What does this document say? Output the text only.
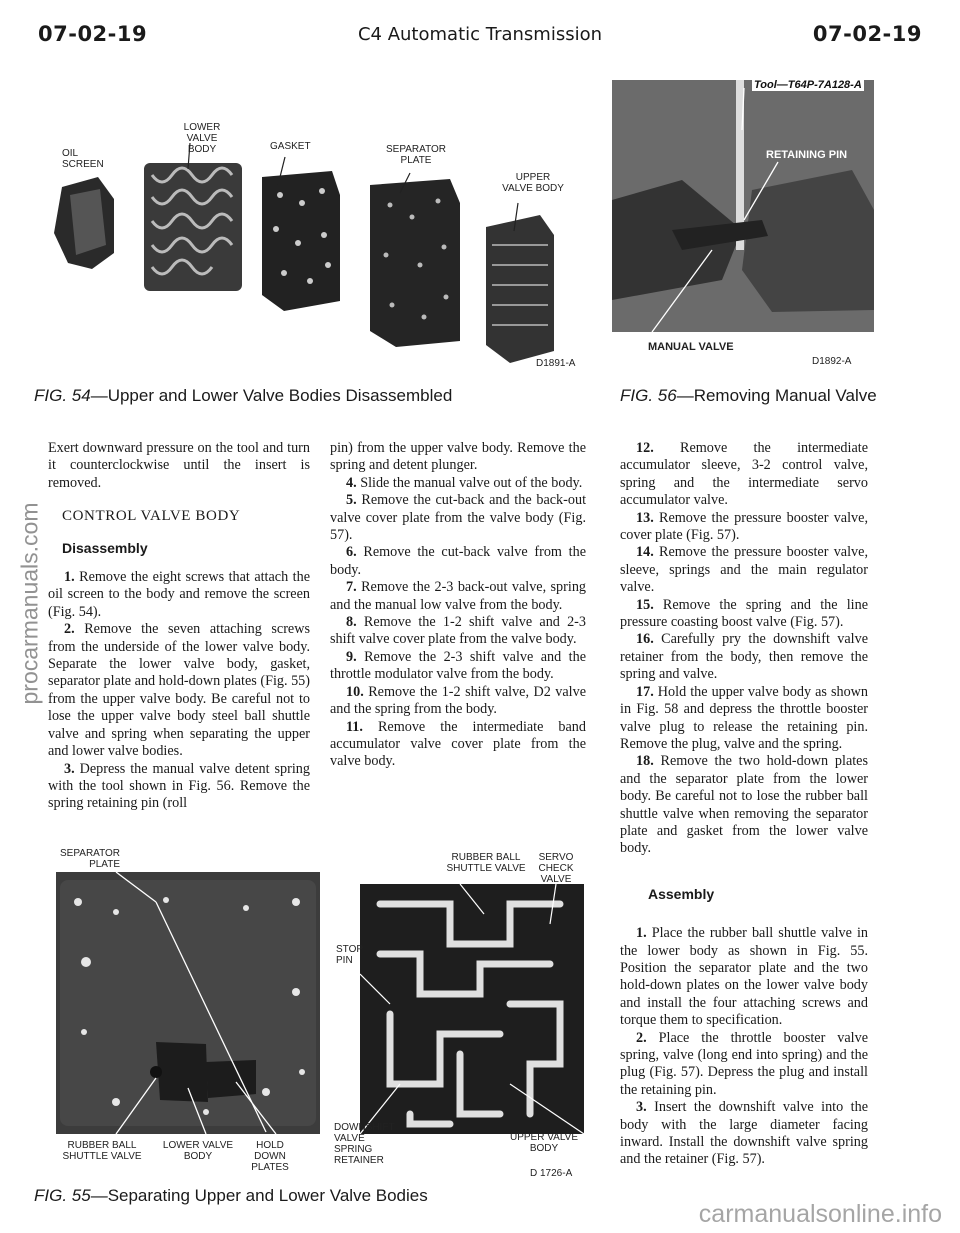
07-02-19	C4 Automatic Transmission	07-02-19
LOWER
VALVE BODY
OIL
SCREEN
GASKET	SEPARATOR
PLATE
UPPER
VALVE BODY
D1891-A
Tool—T64P-7A128-A
RETAINING PIN
MANUAL VALVE
D1892-A
FIG. 54—Upper and Lower Valve Bodies Disassembled	FIG. 56—Removing Manual Valve

Exert downward pressure on the tool and turn it counterclockwise until the insert is removed.

CONTROL VALVE BODY

Disassembly

1. Remove the eight screws that attach the oil screen to the body and remove the screen (Fig. 54).

2. Remove the seven attaching screws from the underside of the lower valve body. Separate the lower valve body, gasket, separator plate and hold-down plates (Fig. 55) from the upper valve body. Be careful not to lose the upper valve body steel ball shuttle valve and spring when separating the upper and lower valve bodies.

3. Depress the manual valve detent spring with the tool shown in Fig. 56. Remove the spring retaining pin (roll

pin) from the upper valve body. Remove the spring and detent plunger.

4. Slide the manual valve out of the body.

5. Remove the cut-back and the back-out valve cover plate from the valve body (Fig. 57).

6. Remove the cut-back valve from the body.

7. Remove the 2-3 back-out valve, spring and the manual low valve from the body.

8. Remove the 1-2 shift valve and 2-3 shift valve cover plate from the valve body.

9. Remove the 2-3 shift valve and the throttle modulator valve from the body.

10. Remove the 1-2 shift valve, D2 valve and the spring from the body.

11. Remove the intermediate band accumulator valve cover plate from the valve body.

12. Remove the intermediate accumulator sleeve, 3-2 control valve, spring and the intermediate servo accumulator valve.

13. Remove the pressure booster valve, cover plate (Fig. 57).

14. Remove the pressure booster valve, sleeve, springs and the main regulator valve.

15. Remove the spring and the line pressure coasting boost valve (Fig. 57).

16. Carefully pry the downshift valve retainer from the body, then remove the spring and valve.

17. Hold the upper valve body as shown in Fig. 58 and depress the throttle booster valve plug to release the retaining pin. Remove the plug, valve and the spring.

18. Remove the two hold-down plates and the separator plate from the lower body. Be careful not to lose the rubber ball shuttle valve when removing the separator plate and gasket from the lower valve body.

Assembly

1. Place the rubber ball shuttle valve in the lower body as shown in Fig. 55. Position the separator plate and the two hold-down plates on the lower valve body and install the four attaching screws and torque them to specification.

2. Place the throttle booster valve spring, valve (long end into spring) and the plug (Fig. 57). Depress the plug and install the retaining pin.

3. Insert the downshift valve into the body with the large diameter facing inward. Install the downshift valve spring and the retainer (Fig. 57).

SEPARATOR
PLATE
RUBBER BALL
SHUTTLE VALVE
LOWER VALVE
BODY
HOLD DOWN
PLATES
RUBBER BALL
SHUTTLE VALVE
SERVO
CHECK VALVE
STOP
PIN
DOWNSHIFT
VALVE
SPRING
RETAINER
UPPER VALVE
BODY
D 1726-A
FIG. 55—Separating Upper and Lower Valve Bodies
procarmanuals.com
carmanualsonline.info
